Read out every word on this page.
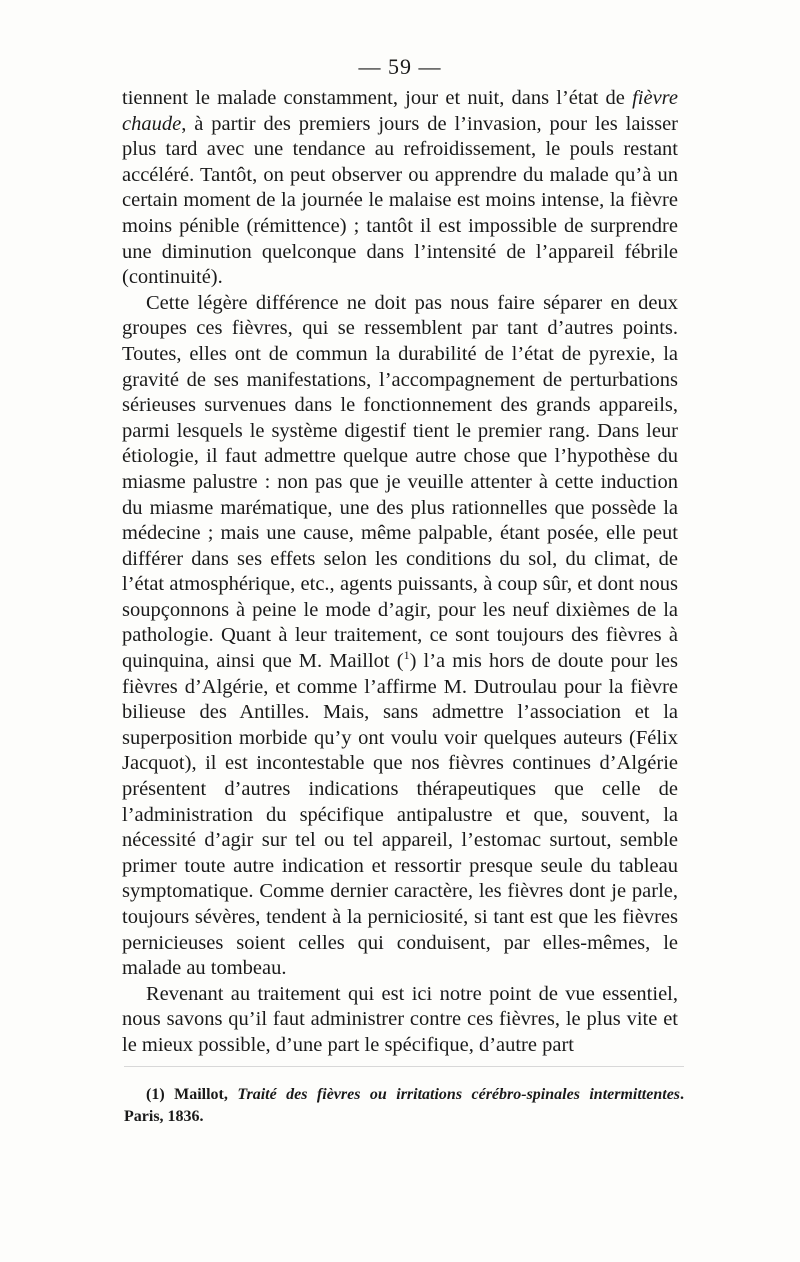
— 59 —

tiennent le malade constamment, jour et nuit, dans l’état de fièvre chaude, à partir des premiers jours de l’invasion, pour les laisser plus tard avec une tendance au refroidissement, le pouls restant accéléré. Tantôt, on peut observer ou apprendre du malade qu’à un certain moment de la journée le malaise est moins intense, la fièvre moins pénible (rémittence) ; tantôt il est impossible de surprendre une diminution quelconque dans l’intensité de l’appareil fébrile (continuité).

Cette légère différence ne doit pas nous faire séparer en deux groupes ces fièvres, qui se ressemblent par tant d’autres points. Toutes, elles ont de commun la durabilité de l’état de pyrexie, la gravité de ses manifestations, l’accompagnement de perturbations sérieuses survenues dans le fonctionnement des grands appareils, parmi lesquels le système digestif tient le premier rang. Dans leur étiologie, il faut admettre quelque autre chose que l’hypothèse du miasme palustre : non pas que je veuille attenter à cette induction du miasme marématique, une des plus rationnelles que possède la médecine ; mais une cause, même palpable, étant posée, elle peut différer dans ses effets selon les conditions du sol, du climat, de l’état atmosphérique, etc., agents puissants, à coup sûr, et dont nous soupçonnons à peine le mode d’agir, pour les neuf dixièmes de la pathologie. Quant à leur traitement, ce sont toujours des fièvres à quinquina, ainsi que M. Maillot ($^1$) l’a mis hors de doute pour les fièvres d’Algérie, et comme l’affirme M. Dutroulau pour la fièvre bilieuse des Antilles. Mais, sans admettre l’association et la superposition morbide qu’y ont voulu voir quelques auteurs (Félix Jacquot), il est incontestable que nos fièvres continues d’Algérie présentent d’autres indications thérapeutiques que celle de l’administration du spécifique antipalustre et que, souvent, la nécessité d’agir sur tel ou tel appareil, l’estomac surtout, semble primer toute autre indication et ressortir presque seule du tableau symptomatique. Comme dernier caractère, les fièvres dont je parle, toujours sévères, tendent à la perniciosité, si tant est que les fièvres pernicieuses soient celles qui conduisent, par elles-mêmes, le malade au tombeau.

Revenant au traitement qui est ici notre point de vue essentiel, nous savons qu’il faut administrer contre ces fièvres, le plus vite et le mieux possible, d’une part le spécifique, d’autre part

(1) Maillot, Traité des fièvres ou irritations cérébro-spinales intermittentes. Paris, 1836.
